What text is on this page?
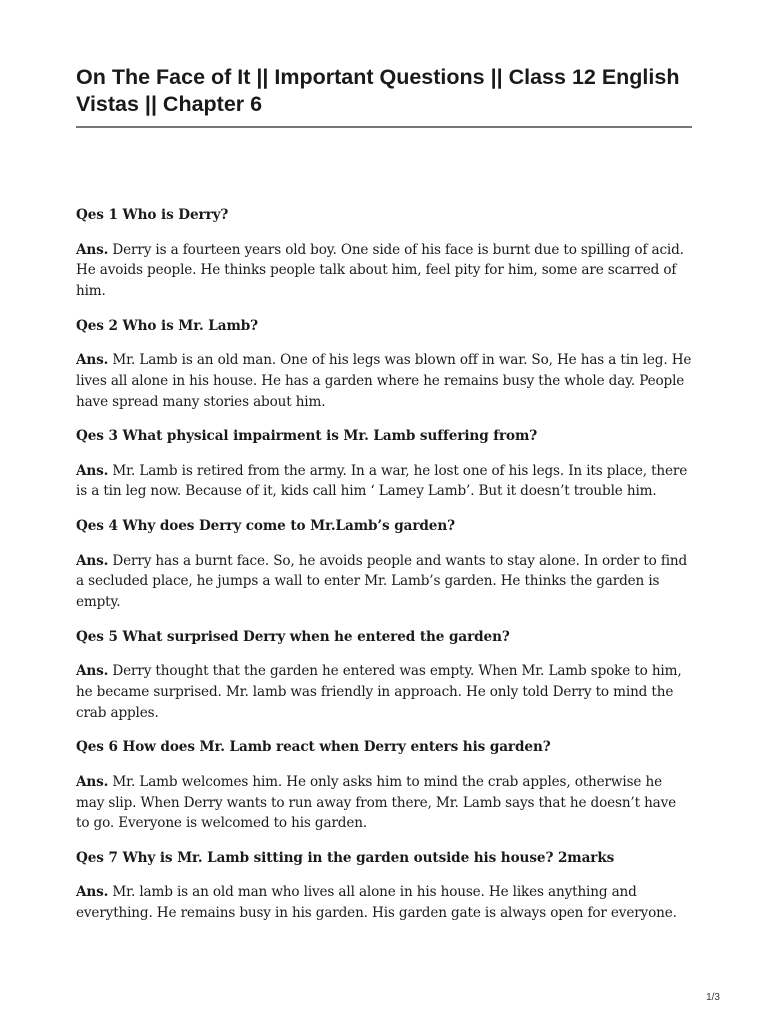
On The Face of It || Important Questions || Class 12 English Vistas || Chapter 6

Qes 1 Who is Derry?

Ans. Derry is a fourteen years old boy. One side of his face is burnt due to spilling of acid. He avoids people. He thinks people talk about him, feel pity for him, some are scarred of him.

Qes 2 Who is Mr. Lamb?

Ans. Mr. Lamb is an old man. One of his legs was blown off in war. So, He has a tin leg. He lives all alone in his house. He has a garden where he remains busy the whole day. People have spread many stories about him.

Qes 3 What physical impairment is Mr. Lamb suffering from?

Ans. Mr. Lamb is retired from the army. In a war, he lost one of his legs. In its place, there is a tin leg now. Because of it, kids call him ‘ Lamey Lamb’. But it doesn’t trouble him.

Qes 4 Why does Derry come to Mr.Lamb’s garden?

Ans. Derry has a burnt face. So, he avoids people and wants to stay alone. In order to find a secluded place, he jumps a wall to enter Mr. Lamb’s garden. He thinks the garden is empty.

Qes 5 What surprised Derry when he entered the garden?

Ans. Derry thought that the garden he entered was empty. When Mr. Lamb spoke to him, he became surprised. Mr. lamb was friendly in approach. He only told Derry to mind the crab apples.

Qes 6 How does Mr. Lamb react when Derry enters his garden?

Ans. Mr. Lamb welcomes him. He only asks him to mind the crab apples, otherwise he may slip. When Derry wants to run away from there, Mr. Lamb says that he doesn’t have to go. Everyone is welcomed to his garden.

Qes 7 Why is Mr. Lamb sitting in the garden outside his house? 2marks

Ans. Mr. lamb is an old man who lives all alone in his house. He likes anything and everything. He remains busy in his garden. His garden gate is always open for everyone.

1/3
